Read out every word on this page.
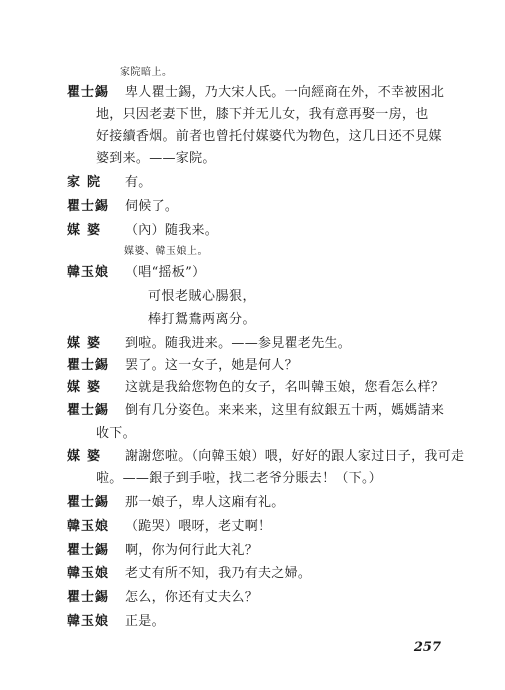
家院暗上。
瞿士錫	卑人瞿士錫，乃大宋人氏。一向經商在外，不幸被困北
地，只因老妻下世，膝下并无儿女，我有意再娶一房，也
好接續香烟。前者也曾托付媒婆代为物色，这几日还不見媒
婆到来。——家院。
家院	有。
瞿士錫	伺候了。
媒婆	（內）随我来。
媒婆、韓玉娘上。
韓玉娘	（唱“摇板”）
可恨老賊心腸狠，
棒打鴛鴦两离分。
媒婆	到啦。随我进来。——参見瞿老先生。
瞿士錫	罢了。这一女子，她是何人？
媒婆	这就是我給您物色的女子，名叫韓玉娘，您看怎么样？
瞿士錫	倒有几分姿色。来来来，这里有紋銀五十两，媽媽請来
收下。
媒婆	謝謝您啦。（向韓玉娘）喂，好好的跟人家过日子，我可走
啦。——銀子到手啦，找二老爷分賬去！（下。）
瞿士錫	那一娘子，卑人这廂有礼。
韓玉娘	（跪哭）喂呀，老丈啊！
瞿士錫	啊，你为何行此大礼？
韓玉娘	老丈有所不知，我乃有夫之婦。
瞿士錫	怎么，你还有丈夫么？
韓玉娘	正是。
257
